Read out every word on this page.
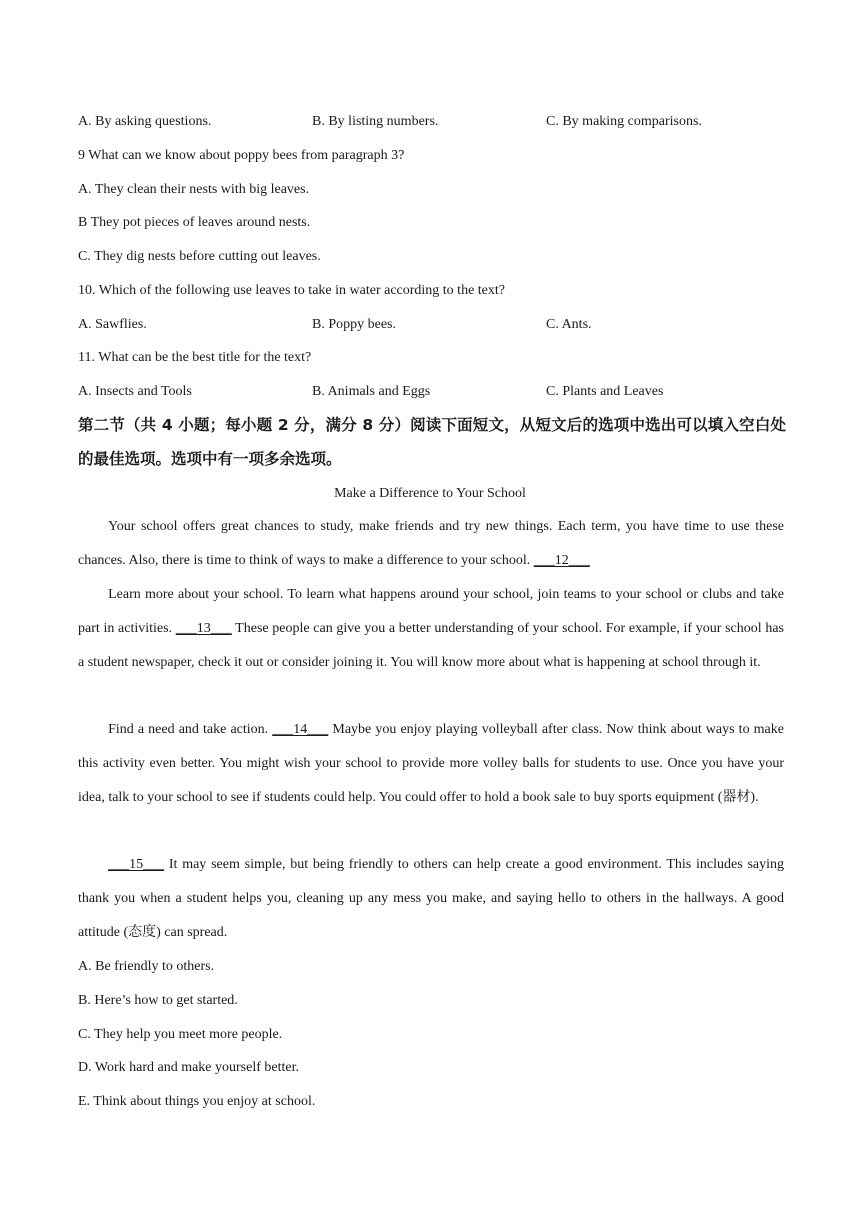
A. By asking questions.	B. By listing numbers.	C. By making comparisons.
9 What can we know about poppy bees from paragraph 3?
A. They clean their nests with big leaves.
B They pot pieces of leaves around nests.
C. They dig nests before cutting out leaves.
10. Which of the following use leaves to take in water according to the text?
A. Sawflies.	B. Poppy bees.	C. Ants.
11. What can be the best title for the text?
A. Insects and Tools	B. Animals and Eggs	C. Plants and Leaves
第二节（共 4 小题；每小题 2 分，满分 8 分）阅读下面短文，从短文后的选项中选出可以填入空白处的最佳选项。选项中有一项多余选项。
Make a Difference to Your School
Your school offers great chances to study, make friends and try new things. Each term, you have time to use these chances. Also, there is time to think of ways to make a difference to your school. ___12___
Learn more about your school. To learn what happens around your school, join teams to your school or clubs and take part in activities. ___13___ These people can give you a better understanding of your school. For example, if your school has a student newspaper, check it out or consider joining it. You will know more about what is happening at school through it.
Find a need and take action. ___14___ Maybe you enjoy playing volleyball after class. Now think about ways to make this activity even better. You might wish your school to provide more volley balls for students to use. Once you have your idea, talk to your school to see if students could help. You could offer to hold a book sale to buy sports equipment (器材).
___15___ It may seem simple, but being friendly to others can help create a good environment. This includes saying thank you when a student helps you, cleaning up any mess you make, and saying hello to others in the hallways. A good attitude (态度) can spread.
A. Be friendly to others.
B. Here’s how to get started.
C. They help you meet more people.
D. Work hard and make yourself better.
E. Think about things you enjoy at school.
